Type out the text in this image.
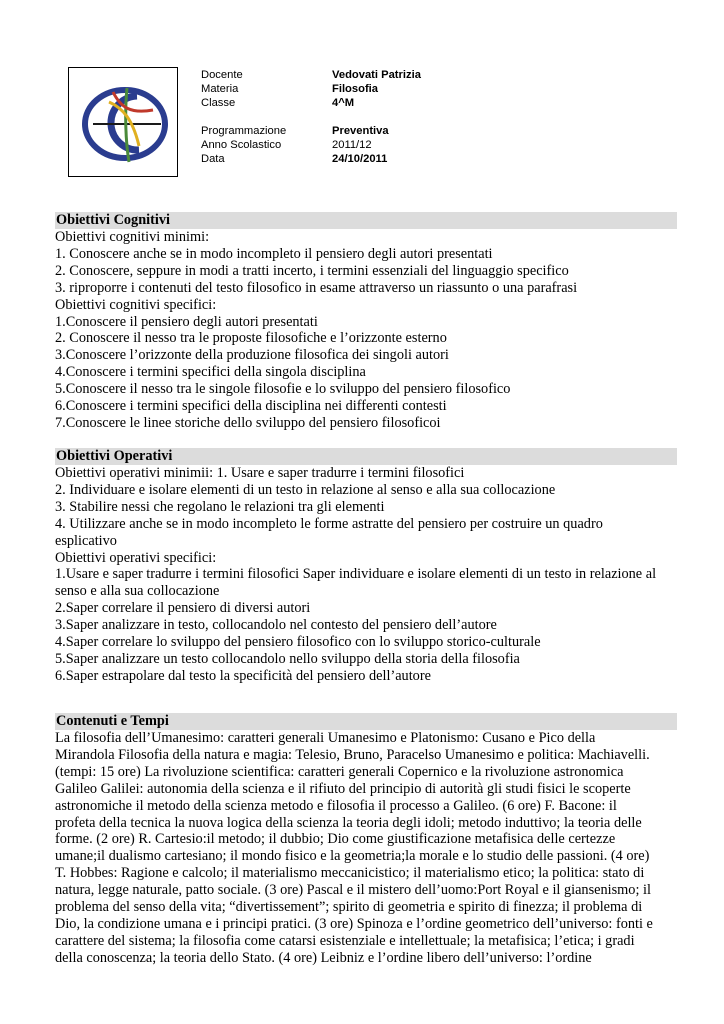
Docente	Vedovati Patrizia
Materia	Filosofia
Classe	4^M
Programmazione	Preventiva
Anno Scolastico	2011/12
Data	24/10/2011
Obiettivi Cognitivi
Obiettivi cognitivi minimi:
1. Conoscere anche se in modo incompleto il pensiero degli autori presentati
2. Conoscere, seppure in modi a tratti incerto, i termini essenziali del linguaggio specifico
3. riproporre i contenuti del testo filosofico in esame attraverso un riassunto o una parafrasi
Obiettivi cognitivi specifici:
1.Conoscere il pensiero degli autori presentati
2. Conoscere il nesso tra le proposte filosofiche e l’orizzonte esterno
3.Conoscere l’orizzonte della produzione filosofica dei singoli autori
4.Conoscere i termini specifici della singola disciplina
5.Conoscere il nesso tra le singole filosofie e lo sviluppo del pensiero filosofico
6.Conoscere i termini specifici della disciplina nei differenti contesti
7.Conoscere le linee storiche dello sviluppo del pensiero filosoficoi
Obiettivi Operativi
Obiettivi operativi minimii: 1. Usare e saper tradurre i termini filosofici
2. Individuare e isolare elementi di un testo in relazione al senso e alla sua collocazione
3. Stabilire nessi che regolano le relazioni tra gli elementi
4. Utilizzare anche se in modo incompleto le forme astratte del pensiero per costruire un quadro
esplicativo
Obiettivi operativi specifici:
1.Usare e saper tradurre i termini filosofici Saper individuare e isolare elementi di un testo in relazione al
senso e alla sua collocazione
2.Saper correlare il pensiero di diversi autori
3.Saper analizzare in testo, collocandolo nel contesto del pensiero dell’autore
4.Saper correlare lo sviluppo del pensiero filosofico con lo sviluppo storico-culturale
5.Saper analizzare un testo collocandolo nello sviluppo della storia della filosofia
6.Saper estrapolare dal testo la specificità del pensiero dell’autore
Contenuti e Tempi
La filosofia dell’Umanesimo: caratteri generali Umanesimo e Platonismo: Cusano e Pico della
Mirandola Filosofia della natura e magia: Telesio, Bruno, Paracelso Umanesimo e politica: Machiavelli.
(tempi: 15 ore) La rivoluzione scientifica: caratteri generali Copernico e la rivoluzione astronomica
Galileo Galilei: autonomia della scienza e il rifiuto del principio di autorità gli studi fisici le scoperte
astronomiche il metodo della scienza metodo e filosofia il processo a Galileo. (6 ore) F. Bacone: il
profeta della tecnica la nuova logica della scienza la teoria degli idoli; metodo induttivo; la teoria delle
forme. (2 ore) R. Cartesio:il metodo; il dubbio; Dio come giustificazione metafisica delle certezze
umane;il dualismo cartesiano; il mondo fisico e la geometria;la morale e lo studio delle passioni. (4 ore)
T. Hobbes: Ragione e calcolo; il materialismo meccanicistico; il materialismo etico; la politica: stato di
natura, legge naturale, patto sociale. (3 ore) Pascal e il mistero dell’uomo:Port Royal e il giansenismo; il
problema del senso della vita; “divertissement”; spirito di geometria e spirito di finezza; il problema di
Dio, la condizione umana e i principi pratici. (3 ore) Spinoza e l’ordine geometrico dell’universo: fonti e
carattere del sistema; la filosofia come catarsi esistenziale e intellettuale; la metafisica; l’etica; i gradi
della conoscenza; la teoria dello Stato. (4 ore) Leibniz e l’ordine libero dell’universo: l’ordine
